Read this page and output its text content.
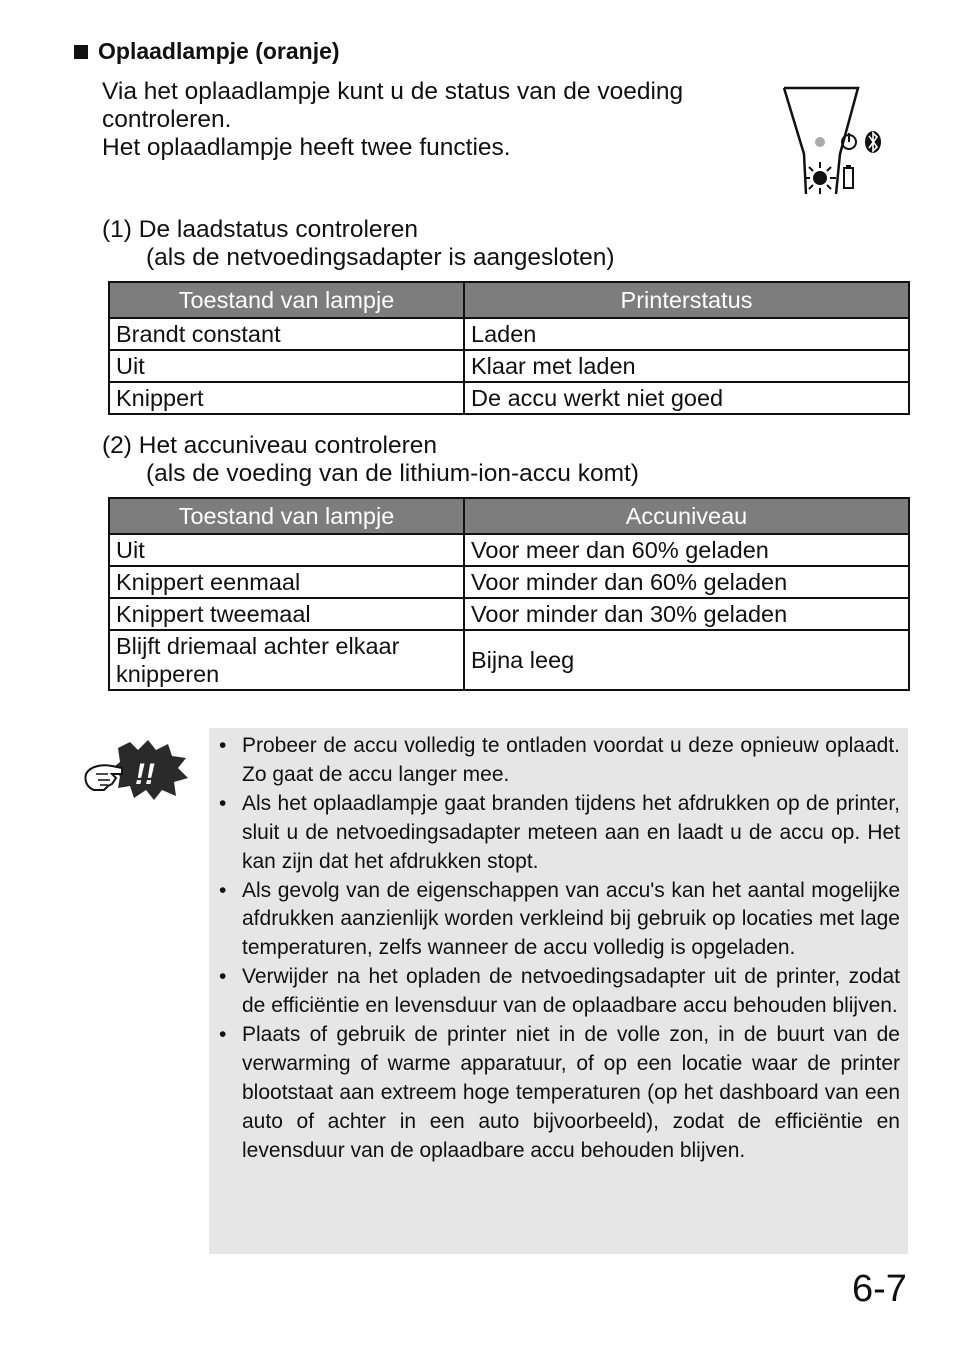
Oplaadlampje (oranje)
Via het oplaadlampje kunt u de status van de voeding
controleren.
Het oplaadlampje heeft twee functies.
(1) De laadstatus controleren
(als de netvoedingsadapter is aangesloten)
Toestand van lampje	Printerstatus
Brandt constant	Laden
Uit	Klaar met laden
Knippert	De accu werkt niet goed
(2) Het accuniveau controleren
(als de voeding van de lithium-ion-accu komt)
Toestand van lampje	Accuniveau
Uit	Voor meer dan 60% geladen
Knippert eenmaal	Voor minder dan 60% geladen
Knippert tweemaal	Voor minder dan 30% geladen
Blijft driemaal achter elkaar knipperen	Bijna leeg
!!
• Probeer de accu volledig te ontladen voordat u deze opnieuw oplaadt. Zo gaat de accu langer mee.
• Als het oplaadlampje gaat branden tijdens het afdrukken op de printer, sluit u de netvoedingsadapter meteen aan en laadt u de accu op. Het kan zijn dat het afdrukken stopt.
• Als gevolg van de eigenschappen van accu's kan het aantal mogelijke afdrukken aanzienlijk worden verkleind bij gebruik op locaties met lage temperaturen, zelfs wanneer de accu volledig is opgeladen.
• Verwijder na het opladen de netvoedingsadapter uit de printer, zodat de efficiëntie en levensduur van de oplaadbare accu behouden blijven.
• Plaats of gebruik de printer niet in de volle zon, in de buurt van de verwarming of warme apparatuur, of op een locatie waar de printer blootstaat aan extreem hoge temperaturen (op het dashboard van een auto of achter in een auto bijvoorbeeld), zodat de efficiëntie en levensduur van de oplaadbare accu behouden blijven.
6-7
